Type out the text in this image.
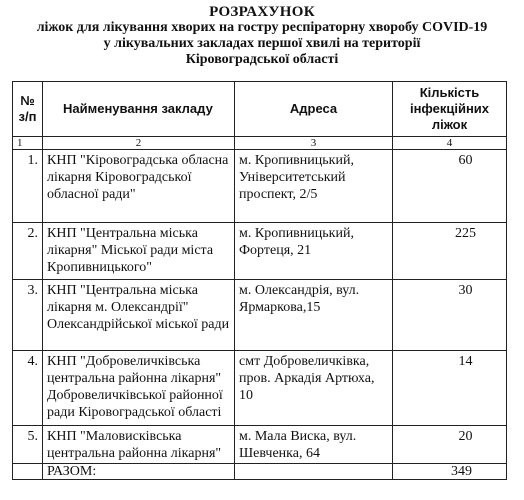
РОЗРАХУНОК
ліжок для лікування хворих на гостру респіраторну хворобу COVID-19
у лікувальних закладах першої хвилі на території
Кіровоградської області
№ з/п	Найменування закладу	Адреса	Кількість інфекційних ліжок
1	2	3	4
1.	КНП "Кіровоградська обласна лікарня Кіровоградської обласної ради"	м. Кропивницький, Університетський проспект, 2/5	60
2.	КНП "Центральна міська лікарня" Міської ради міста Кропивницького"	м. Кропивницький, Фортеця, 21	225
3.	КНП "Центральна міська лікарня м. Олександрії" Олександрійської міської ради	м. Олександрія, вул. Ярмаркова,15	30
4.	КНП "Добровеличківська центральна районна лікарня" Добровеличківської районної ради Кіровоградської області	смт Добровеличківка, пров. Аркадія Артюха, 10	14
5.	КНП "Маловисківська центральна районна лікарня"	м. Мала Виска, вул. Шевченка, 64	20
	РАЗОМ:		349
